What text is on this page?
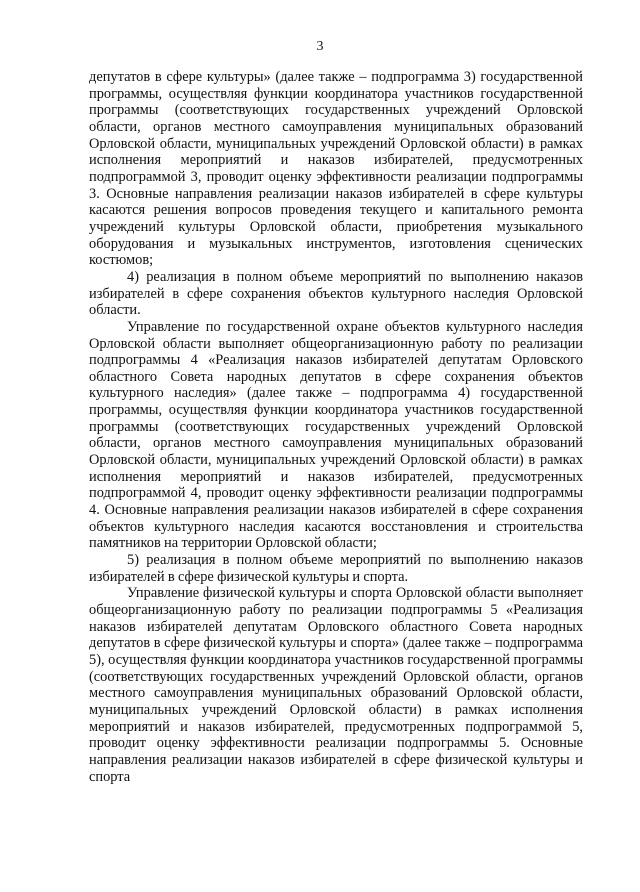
3

депутатов в сфере культуры» (далее также – подпрограмма 3) государственной программы, осуществляя функции координатора участников государственной программы (соответствующих государственных учреждений Орловской области, органов местного самоуправления муниципальных образований Орловской области, муниципальных учреждений Орловской области) в рамках исполнения мероприятий и наказов избирателей, предусмотренных подпрограммой 3, проводит оценку эффективности реализации подпрограммы 3. Основные направления реализации наказов избирателей в сфере культуры касаются решения вопросов проведения текущего и капитального ремонта учреждений культуры Орловской области, приобретения музыкального оборудования и музыкальных инструментов, изготовления сценических костюмов;

4) реализация в полном объеме мероприятий по выполнению наказов избирателей в сфере сохранения объектов культурного наследия Орловской области.

Управление по государственной охране объектов культурного наследия Орловской области выполняет общеорганизационную работу по реализации подпрограммы 4 «Реализация наказов избирателей депутатам Орловского областного Совета народных депутатов в сфере сохранения объектов культурного наследия» (далее также – подпрограмма 4) государственной программы, осуществляя функции координатора участников государственной программы (соответствующих государственных учреждений Орловской области, органов местного самоуправления муниципальных образований Орловской области, муниципальных учреждений Орловской области) в рамках исполнения мероприятий и наказов избирателей, предусмотренных подпрограммой 4, проводит оценку эффективности реализации подпрограммы 4. Основные направления реализации наказов избирателей в сфере сохранения объектов культурного наследия касаются восстановления и строительства памятников на территории Орловской области;

5) реализация в полном объеме мероприятий по выполнению наказов избирателей в сфере физической культуры и спорта.

Управление физической культуры и спорта Орловской области выполняет общеорганизационную работу по реализации подпрограммы 5 «Реализация наказов избирателей депутатам Орловского областного Совета народных депутатов в сфере физической культуры и спорта» (далее также – подпрограмма 5), осуществляя функции координатора участников государственной программы (соответствующих государственных учреждений Орловской области, органов местного самоуправления муниципальных образований Орловской области, муниципальных учреждений Орловской области) в рамках исполнения мероприятий и наказов избирателей, предусмотренных подпрограммой 5, проводит оценку эффективности реализации подпрограммы 5. Основные направления реализации наказов избирателей в сфере физической культуры и спорта
